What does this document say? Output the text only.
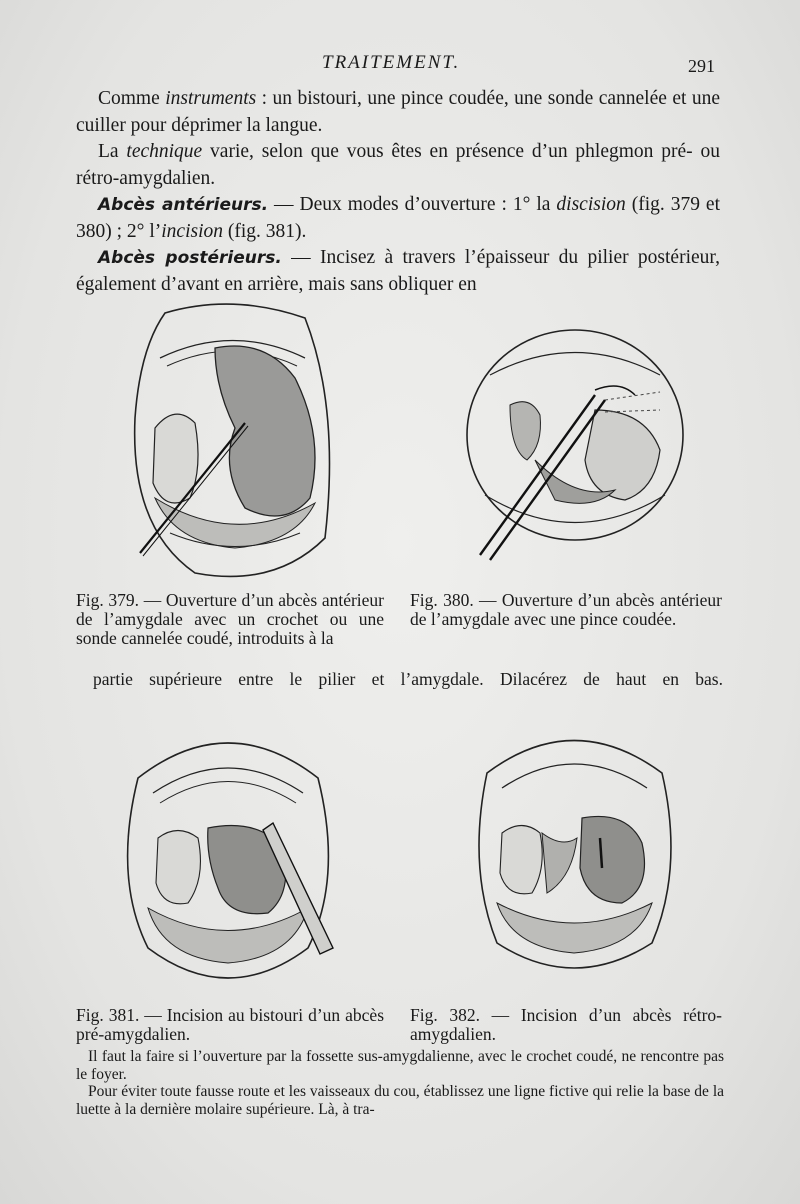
TRAITEMENT.	291

Comme instruments : un bistouri, une pince coudée, une sonde cannelée et une cuiller pour déprimer la langue.

La technique varie, selon que vous êtes en présence d’un phlegmon pré- ou rétro-amygdalien.

Abcès antérieurs. — Deux modes d’ouverture : 1° la discision (fig. 379 et 380) ; 2° l’incision (fig. 381).

Abcès postérieurs. — Incisez à travers l’épaisseur du pilier postérieur, également d’avant en arrière, mais sans obliquer en

Fig. 379. — Ouverture d’un abcès antérieur de l’amygdale avec un crochet ou une sonde cannelée coudé, introduits à la
Fig. 380. — Ouverture d’un abcès antérieur de l’amygdale avec une pince coudée.
partie supérieure entre le pilier et l’amygdale. Dilacérez de haut en bas.
Fig. 381. — Incision au bistouri d’un abcès pré-amygdalien.
Fig. 382. — Incision d’un abcès rétro-amygdalien.

Il faut la faire si l’ouverture par la fossette sus-amygdalienne, avec le crochet coudé, ne rencontre pas le foyer.

Pour éviter toute fausse route et les vaisseaux du cou, établissez une ligne fictive qui relie la base de la luette à la dernière molaire supérieure. Là, à tra-
